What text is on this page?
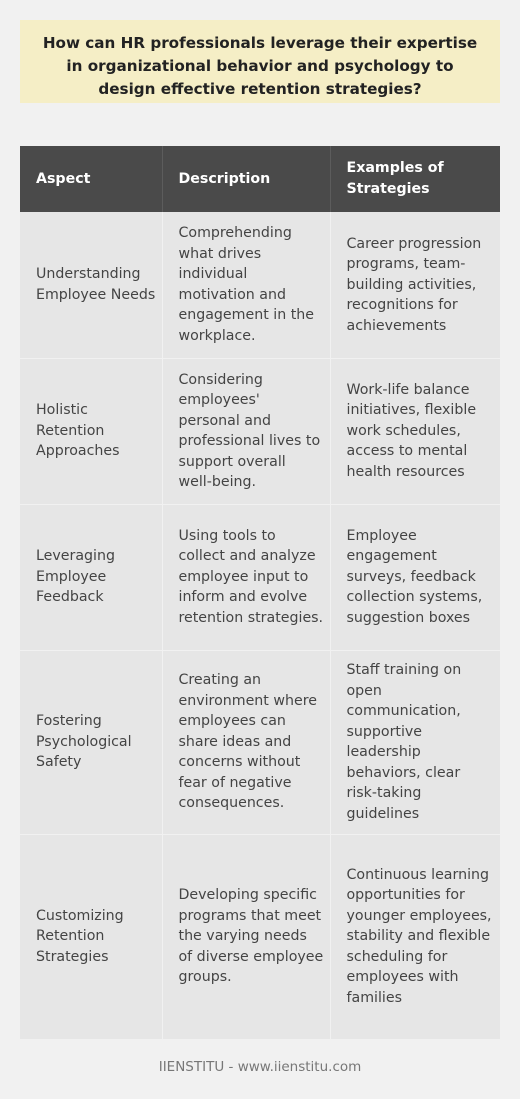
How can HR professionals leverage their expertise in organizational behavior and psychology to design effective retention strategies?
Aspect	Description	Examples of Strategies
Understanding Employee Needs	Comprehending what drives individual motivation and engagement in the workplace.	Career progression programs, team-building activities, recognitions for achievements
Holistic Retention Approaches	Considering employees' personal and professional lives to support overall well-being.	Work-life balance initiatives, flexible work schedules, access to mental health resources
Leveraging Employee Feedback	Using tools to collect and analyze employee input to inform and evolve retention strategies.	Employee engagement surveys, feedback collection systems, suggestion boxes
Fostering Psychological Safety	Creating an environment where employees can share ideas and concerns without fear of negative consequences.	Staff training on open communication, supportive leadership behaviors, clear risk-taking guidelines
Customizing Retention Strategies	Developing specific programs that meet the varying needs of diverse employee groups.	Continuous learning opportunities for younger employees, stability and flexible scheduling for employees with families
IIENSTITU - www.iienstitu.com
